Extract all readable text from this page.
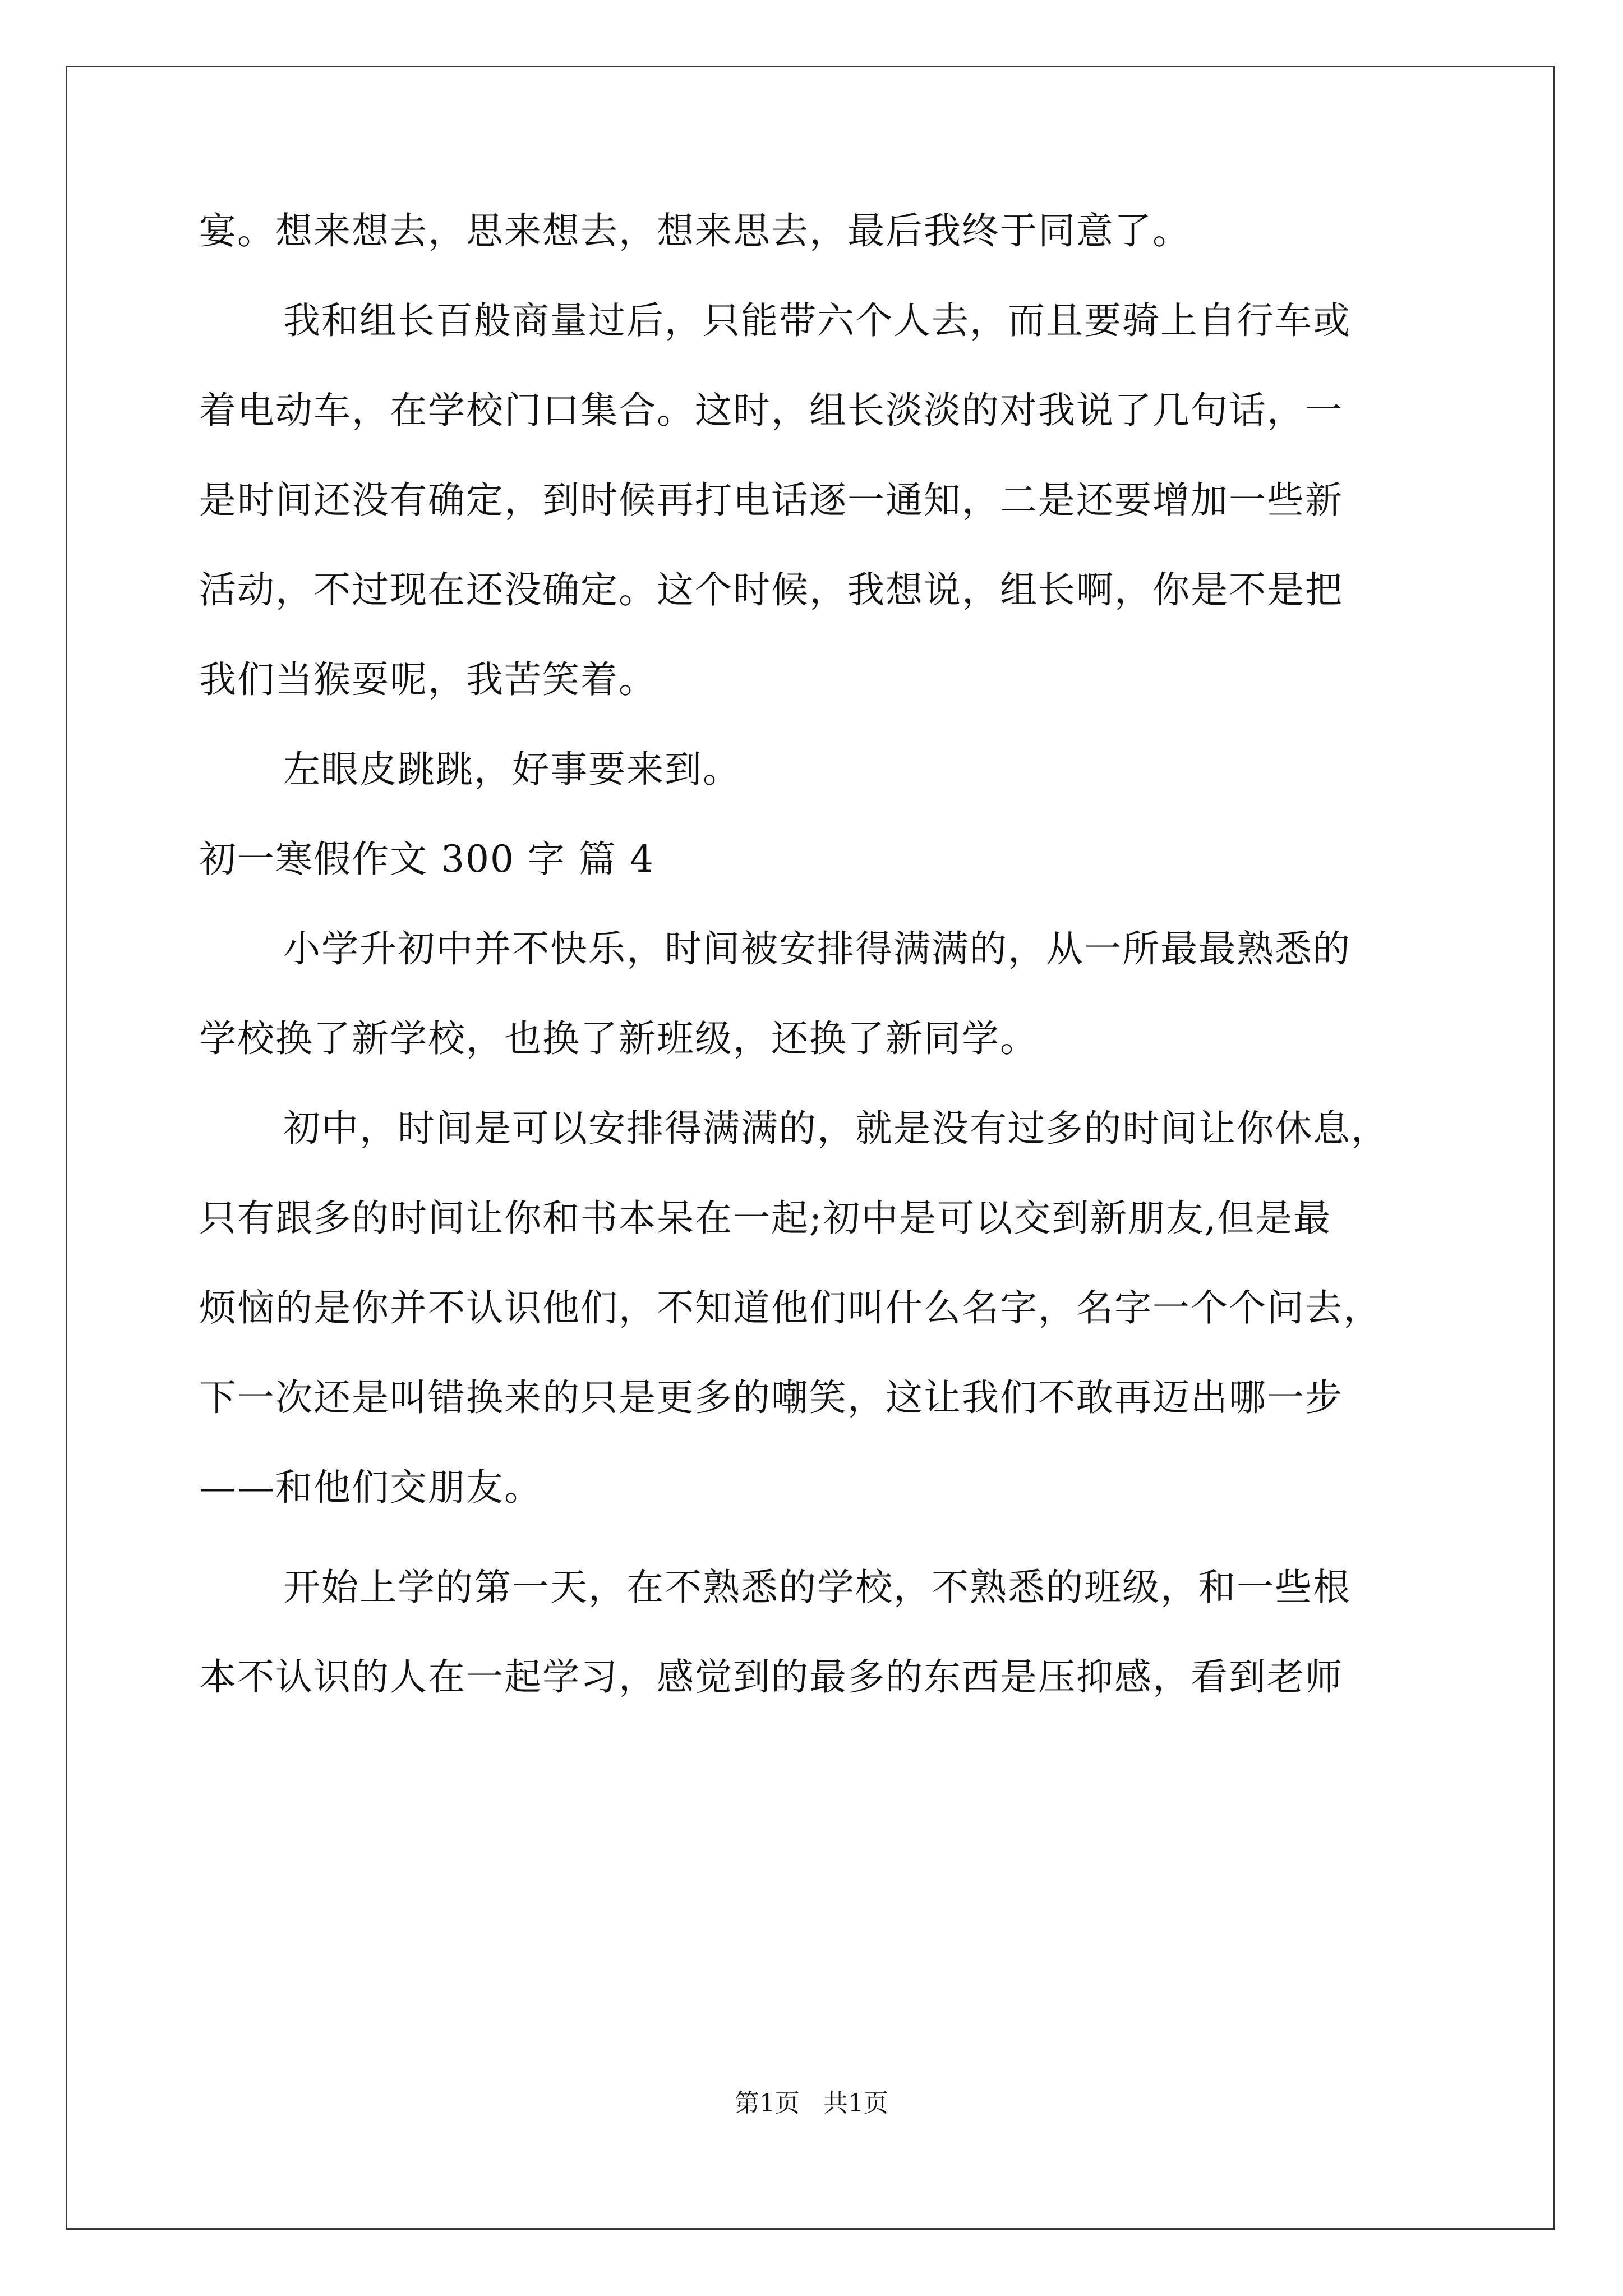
宴。想来想去，思来想去，想来思去，最后我终于同意了。
我和组长百般商量过后，只能带六个人去，而且要骑上自行车或
着电动车，在学校门口集合。这时，组长淡淡的对我说了几句话，一
是时间还没有确定，到时候再打电话逐一通知，二是还要增加一些新
活动，不过现在还没确定。这个时候，我想说，组长啊，你是不是把
我们当猴耍呢，我苦笑着。
左眼皮跳跳，好事要来到。
初一寒假作文 300 字 篇 4
小学升初中并不快乐，时间被安排得满满的，从一所最最熟悉的
学校换了新学校，也换了新班级，还换了新同学。
初中，时间是可以安排得满满的，就是没有过多的时间让你休息，
只有跟多的时间让你和书本呆在一起;初中是可以交到新朋友,但是最
烦恼的是你并不认识他们，不知道他们叫什么名字，名字一个个问去，
下一次还是叫错换来的只是更多的嘲笑，这让我们不敢再迈出哪一步
——和他们交朋友。
开始上学的第一天，在不熟悉的学校，不熟悉的班级，和一些根
本不认识的人在一起学习，感觉到的最多的东西是压抑感，看到老师
第1页   共1页
